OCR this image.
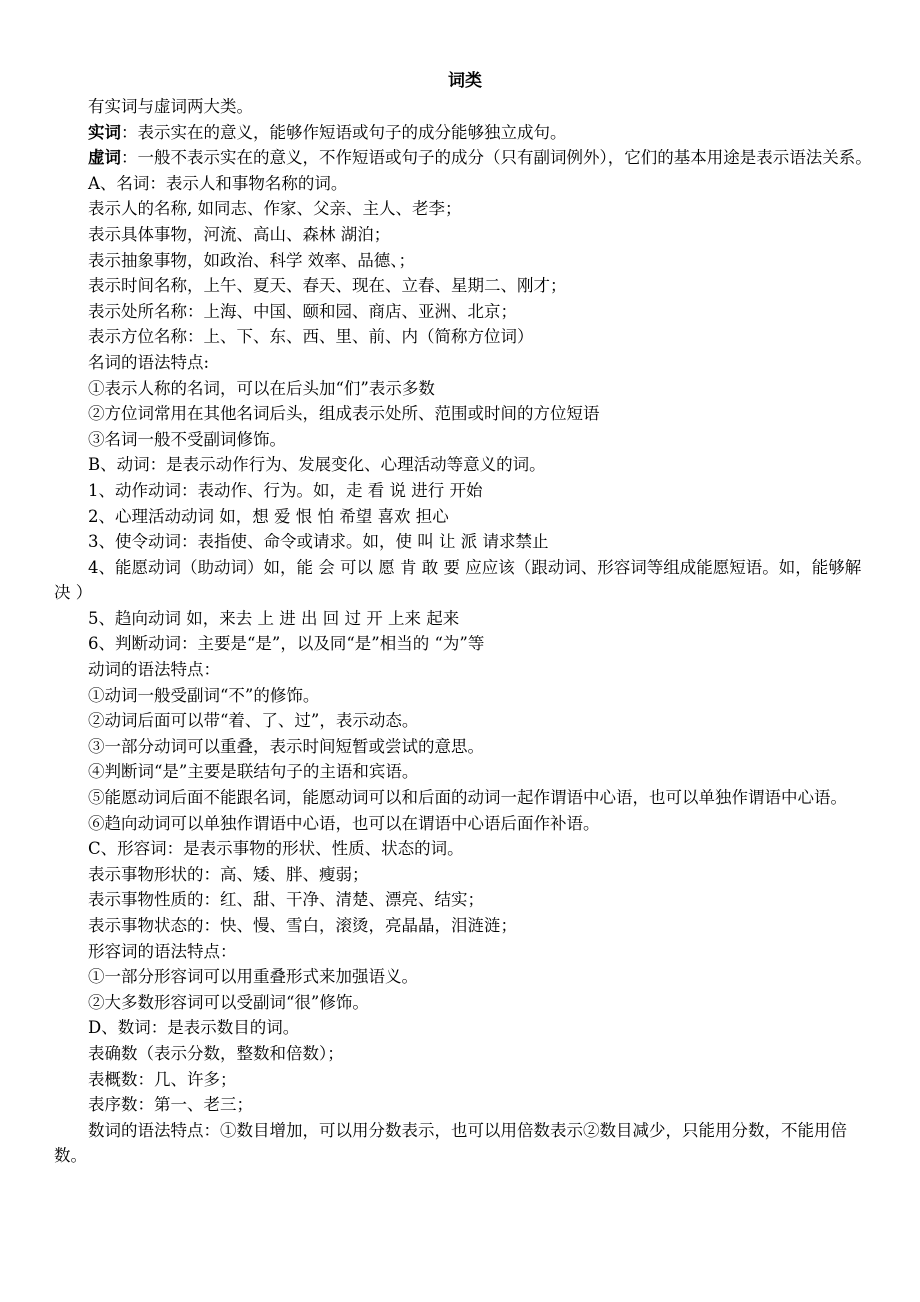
词类

有实词与虚词两大类。

实词：表示实在的意义，能够作短语或句子的成分能够独立成句。

虚词：一般不表示实在的意义，不作短语或句子的成分（只有副词例外），它们的基本用途是表示语法关系。

A、名词：表示人和事物名称的词。

表示人的名称, 如同志、作家、父亲、主人、老李；

表示具体事物，河流、高山、森林 湖泊；

表示抽象事物，如政治、科学 效率、品德、；

表示时间名称，上午、夏天、春天、现在、立春、星期二、刚才；

表示处所名称：上海、中国、颐和园、商店、亚洲、北京；

表示方位名称：上、下、东、西、里、前、内（简称方位词）

名词的语法特点:

①表示人称的名词，可以在后头加“们”表示多数

②方位词常用在其他名词后头，组成表示处所、范围或时间的方位短语

③名词一般不受副词修饰。

B、动词：是表示动作行为、发展变化、心理活动等意义的词。

1、动作动词：表动作、行为。如，走 看 说 进行 开始

2、心理活动动词 如，想 爱 恨 怕 希望 喜欢 担心

3、使令动词：表指使、命令或请求。如，使 叫 让 派 请求禁止

4、能愿动词（助动词）如，能 会 可以 愿 肯 敢 要 应应该（跟动词、形容词等组成能愿短语。如，能够解决 ）

5、趋向动词 如，来去 上 进 出 回 过 开 上来 起来

6、判断动词：主要是“是”，以及同“是”相当的 “为”等

动词的语法特点：

①动词一般受副词“不”的修饰。

②动词后面可以带“着、了、过”，表示动态。

③一部分动词可以重叠，表示时间短暂或尝试的意思。

④判断词“是”主要是联结句子的主语和宾语。

⑤能愿动词后面不能跟名词，能愿动词可以和后面的动词一起作谓语中心语，也可以单独作谓语中心语。

⑥趋向动词可以单独作谓语中心语，也可以在谓语中心语后面作补语。

C、形容词：是表示事物的形状、性质、状态的词。

表示事物形状的：高、矮、胖、瘦弱；

表示事物性质的：红、甜、干净、清楚、漂亮、结实；

表示事物状态的：快、慢、雪白，滚烫，亮晶晶，泪涟涟；

形容词的语法特点：

①一部分形容词可以用重叠形式来加强语义。

②大多数形容词可以受副词“很”修饰。

D、数词：是表示数目的词。

表确数（表示分数，整数和倍数）；

表概数：几、许多；

表序数：第一、老三；

数词的语法特点：①数目增加，可以用分数表示，也可以用倍数表示②数目减少，只能用分数，不能用倍数。
